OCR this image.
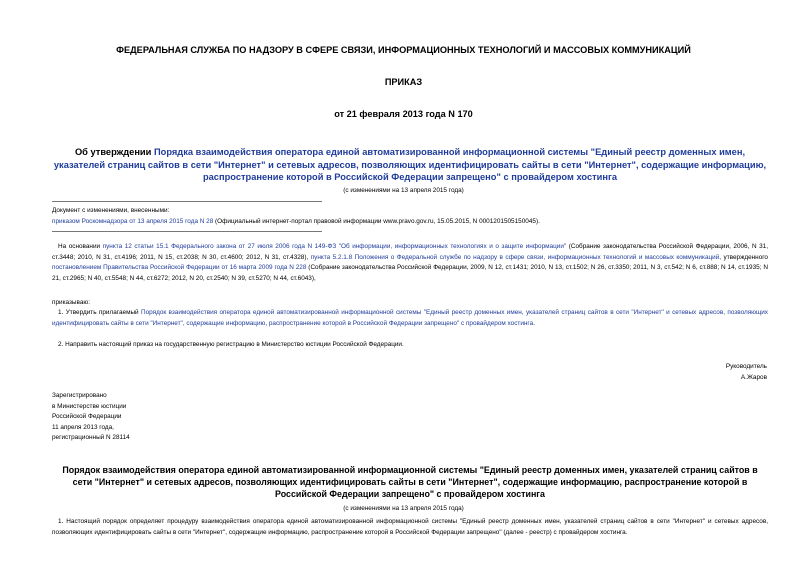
ФЕДЕРАЛЬНАЯ СЛУЖБА ПО НАДЗОРУ В СФЕРЕ СВЯЗИ, ИНФОРМАЦИОННЫХ ТЕХНОЛОГИЙ И МАССОВЫХ КОММУНИКАЦИЙ
ПРИКАЗ
от 21 февраля 2013 года N 170
Об утверждении Порядка взаимодействия оператора единой автоматизированной информационной системы "Единый реестр доменных имен, указателей страниц сайтов в сети "Интернет" и сетевых адресов, позволяющих идентифицировать сайты в сети "Интернет", содержащие информацию, распространение которой в Российской Федерации запрещено" с провайдером хостинга
(с изменениями на 13 апреля 2015 года)
Документ с изменениями, внесенными:
приказом Роскомнадзора от 13 апреля 2015 года N 28 (Официальный интернет-портал правовой информации www.pravo.gov.ru, 15.05.2015, N 0001201505150045).
На основании пункта 12 статьи 15.1 Федерального закона от 27 июля 2006 года N 149-ФЗ "Об информации, информационных технологиях и о защите информации" (Собрание законодательства Российской Федерации, 2006, N 31, ст.3448; 2010, N 31, ст.4196; 2011, N 15, ст.2038; N 30, ст.4600; 2012, N 31, ст.4328), пункта 5.2.1.8 Положения о Федеральной службе по надзору в сфере связи, информационных технологий и массовых коммуникаций, утвержденного постановлением Правительства Российской Федерации от 16 марта 2009 года N 228 (Собрание законодательства Российской Федерации, 2009, N 12, ст.1431; 2010, N 13, ст.1502; N 26, ст.3350; 2011, N 3, ст.542; N 6, ст.888; N 14, ст.1935; N 21, ст.2965; N 40, ст.5548; N 44, ст.6272; 2012, N 20, ст.2540; N 39, ст.5270; N 44, ст.6043),
приказываю:
1. Утвердить прилагаемый Порядок взаимодействия оператора единой автоматизированной информационной системы "Единый реестр доменных имен, указателей страниц сайтов в сети "Интернет" и сетевых адресов, позволяющих идентифицировать сайты в сети "Интернет", содержащие информацию, распространение которой в Российской Федерации запрещено" с провайдером хостинга.
2. Направить настоящий приказ на государственную регистрацию в Министерство юстиции Российской Федерации.
Руководитель
А.Жаров
Зарегистрировано
в Министерстве юстиции
Российской Федерации
11 апреля 2013 года,
регистрационный N 28114
Порядок взаимодействия оператора единой автоматизированной информационной системы "Единый реестр доменных имен, указателей страниц сайтов в сети "Интернет" и сетевых адресов, позволяющих идентифицировать сайты в сети "Интернет", содержащие информацию, распространение которой в Российской Федерации запрещено" с провайдером хостинга
(с изменениями на 13 апреля 2015 года)
1. Настоящий порядок определяет процедуру взаимодействия оператора единой автоматизированной информационной системы "Единый реестр доменных имен, указателей страниц сайтов в сети "Интернет" и сетевых адресов, позволяющих идентифицировать сайты в сети "Интернет", содержащие информацию, распространение которой в Российской Федерации запрещено" (далее - реестр) с провайдером хостинга.
